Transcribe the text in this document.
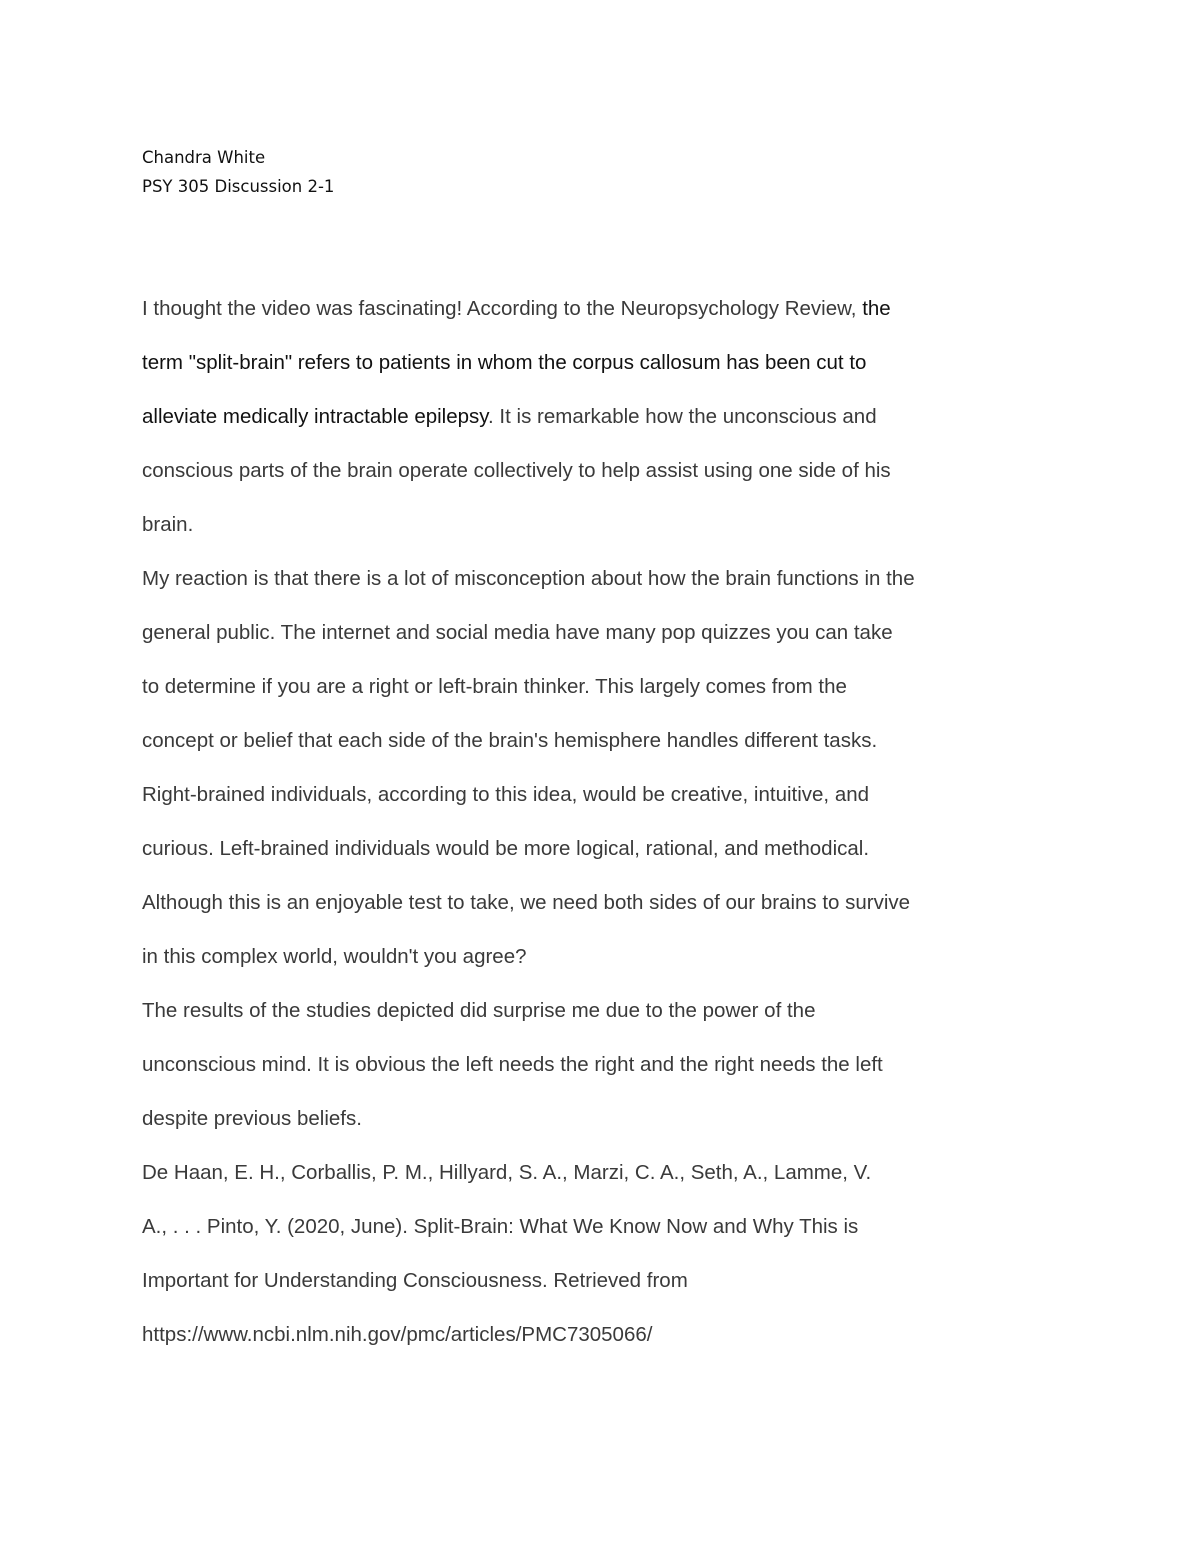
Chandra White
PSY 305 Discussion 2-1
I thought the video was fascinating! According to the Neuropsychology Review, the
term "split-brain" refers to patients in whom the corpus callosum has been cut to
alleviate medically intractable epilepsy. It is remarkable how the unconscious and
conscious parts of the brain operate collectively to help assist using one side of his
brain.
My reaction is that there is a lot of misconception about how the brain functions in the
general public. The internet and social media have many pop quizzes you can take
to determine if you are a right or left-brain thinker. This largely comes from the
concept or belief that each side of the brain's hemisphere handles different tasks.
Right-brained individuals, according to this idea, would be creative, intuitive, and
curious. Left-brained individuals would be more logical, rational, and methodical.
Although this is an enjoyable test to take, we need both sides of our brains to survive
in this complex world, wouldn't you agree?
The results of the studies depicted did surprise me due to the power of the
unconscious mind. It is obvious the left needs the right and the right needs the left
despite previous beliefs.
De Haan, E. H., Corballis, P. M., Hillyard, S. A., Marzi, C. A., Seth, A., Lamme, V.
A., . . . Pinto, Y. (2020, June). Split-Brain: What We Know Now and Why This is
Important for Understanding Consciousness. Retrieved from
https://www.ncbi.nlm.nih.gov/pmc/articles/PMC7305066/
